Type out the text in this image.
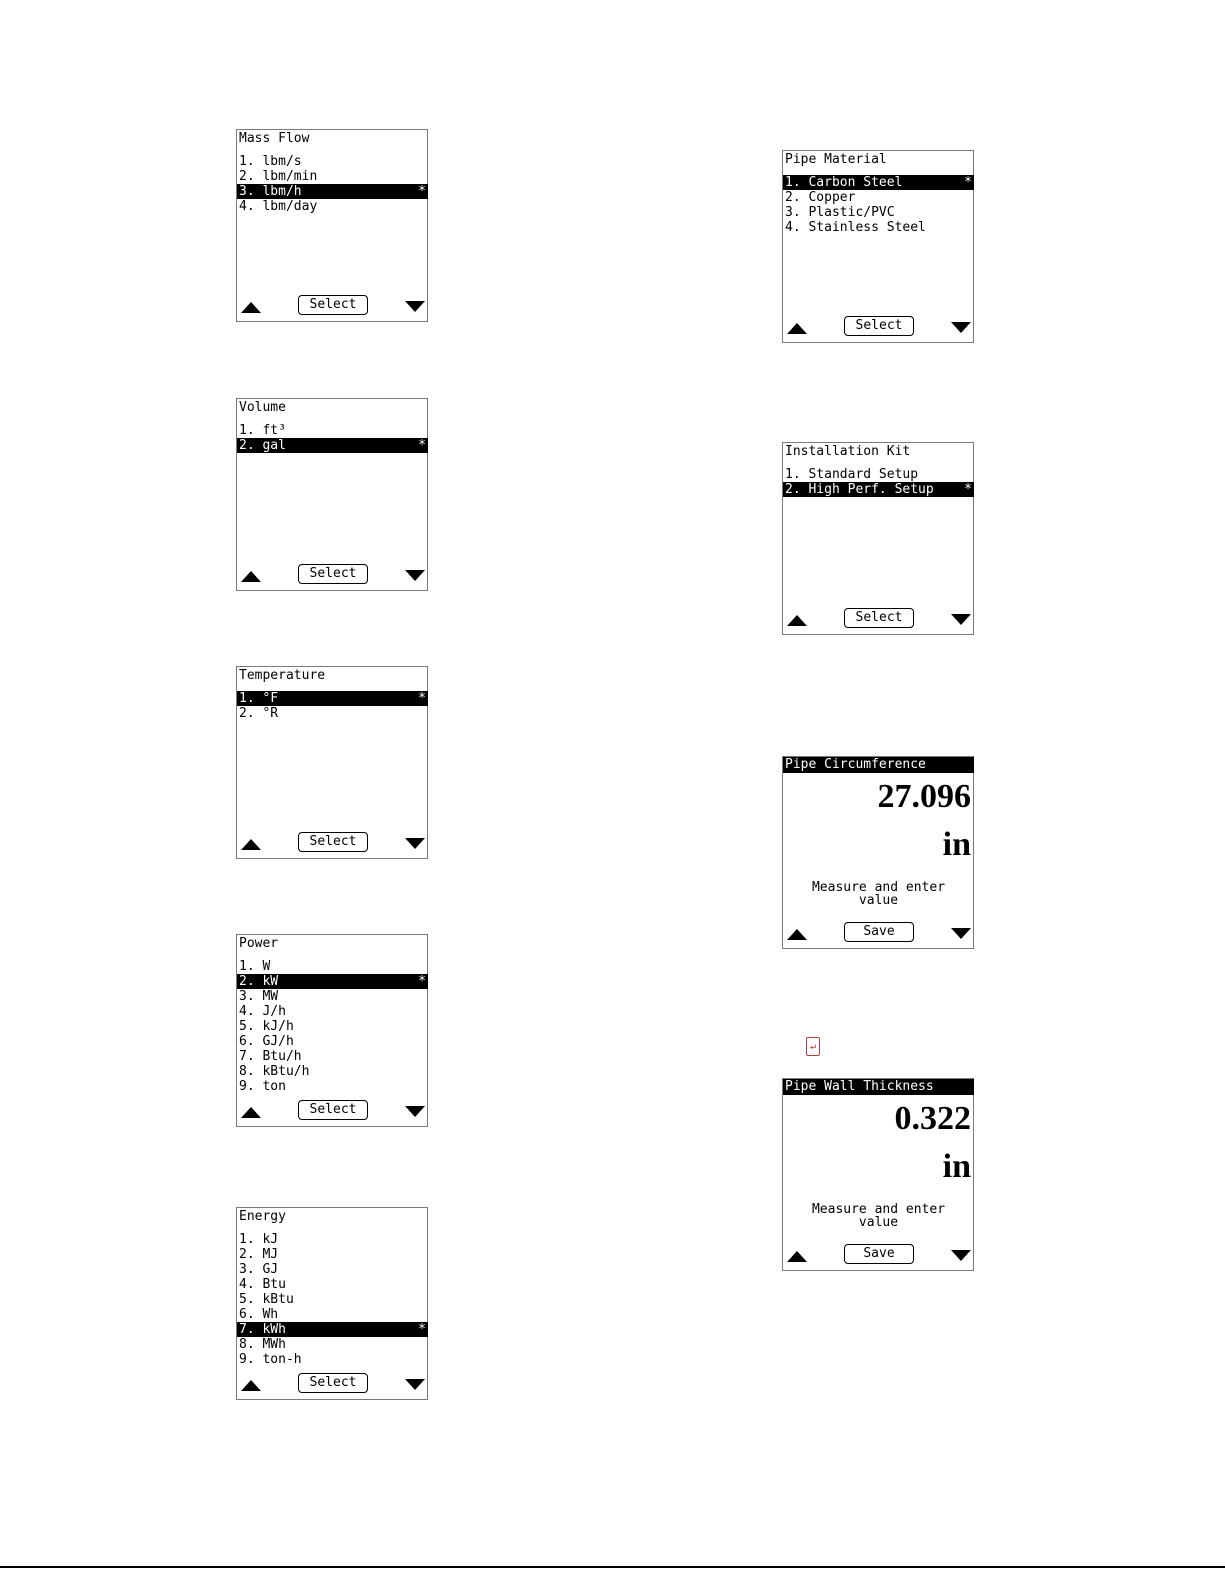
Mass Flow
1. lbm/s
2. lbm/min
3. lbm/h	*
4. lbm/day
Select
Volume
1. ft³
2. gal	*
Select
Temperature
1. °F	*
2. °R
Select
Power
1. W
2. kW	*
3. MW
4. J/h
5. kJ/h
6. GJ/h
7. Btu/h
8. kBtu/h
9. ton
Select
Energy
1. kJ
2. MJ
3. GJ
4. Btu
5. kBtu
6. Wh
7. kWh	*
8. MWh
9. ton-h
Select
Pipe Material
1. Carbon Steel	*
2. Copper
3. Plastic/PVC
4. Stainless Steel
Select
Installation Kit
1. Standard Setup
2. High Perf. Setup *
Select
Pipe Circumference
27.096
in
Measure and enter
value
Save
↵
Pipe Wall Thickness
0.322
in
Measure and enter
value
Save
